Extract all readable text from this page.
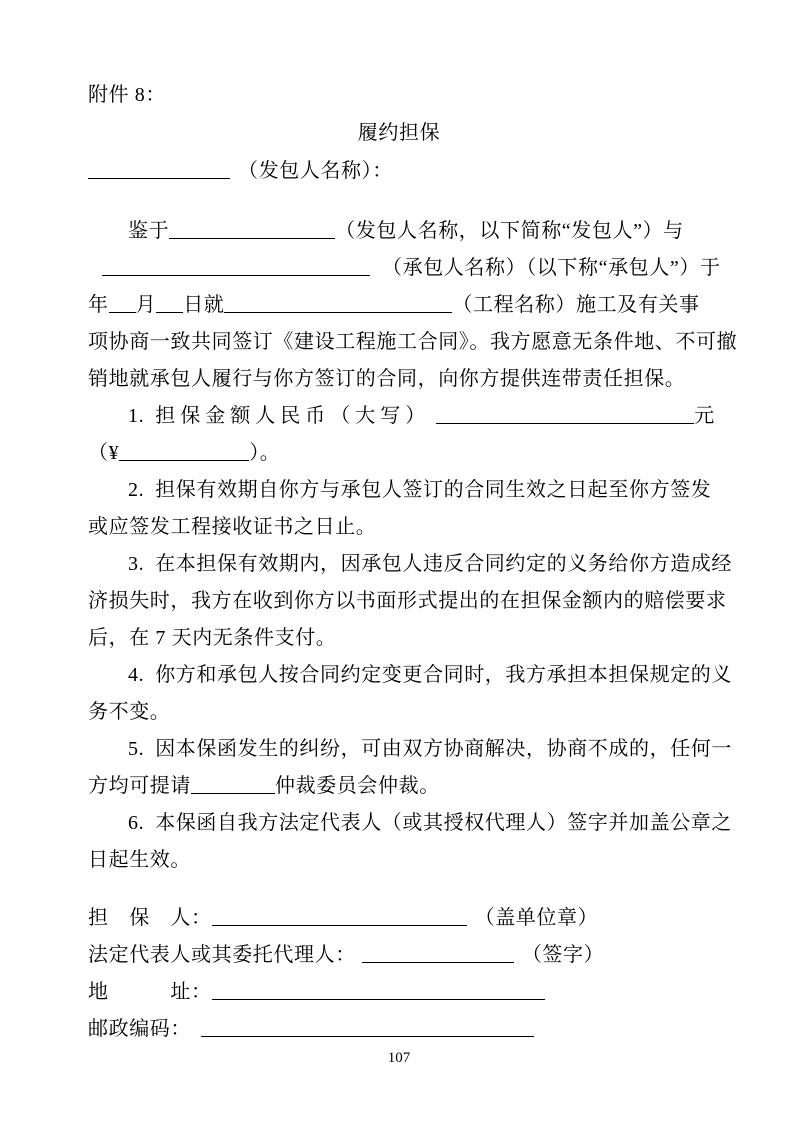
附件 8：
履约担保
（发包人名称）：
鉴于	（发包人名称，以下简称“发包人”）与
（承包人名称）（以下称“承包人”）于
年 月 日就	（工程名称）施工及有关事
项协商一致共同签订《建设工程施工合同》。我方愿意无条件地、不可撤
销地就承包人履行与你方签订的合同，向你方提供连带责任担保。
1. 担保金额人民币（大写）	元
（¥	）。
2. 担保有效期自你方与承包人签订的合同生效之日起至你方签发
或应签发工程接收证书之日止。
3. 在本担保有效期内，因承包人违反合同约定的义务给你方造成经
济损失时，我方在收到你方以书面形式提出的在担保金额内的赔偿要求
后，在 7 天内无条件支付。
4. 你方和承包人按合同约定变更合同时，我方承担本担保规定的义
务不变。
5. 因本保函发生的纠纷，可由双方协商解决，协商不成的，任何一
方均可提请	仲裁委员会仲裁。
6. 本保函自我方法定代表人（或其授权代理人）签字并加盖公章之
日起生效。
担　保　人：	（盖单位章）
法定代表人或其委托代理人：	（签字）
地　　　址：
邮政编码：
107
